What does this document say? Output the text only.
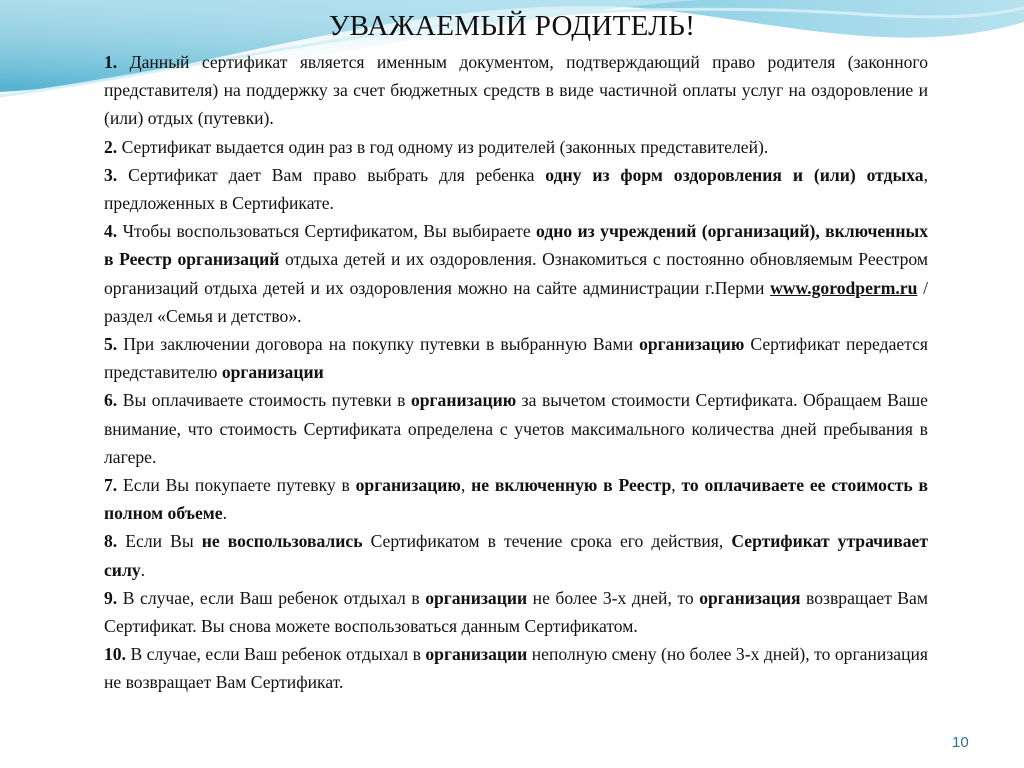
УВАЖАЕМЫЙ РОДИТЕЛЬ!

1. Данный сертификат является именным документом, подтверждающий право родителя (законного представителя) на поддержку за счет бюджетных средств в виде частичной оплаты услуг на оздоровление и (или) отдых (путевки).

2. Сертификат выдается один раз в год одному из родителей (законных представителей).

3. Сертификат дает Вам право выбрать для ребенка одну из форм оздоровления и (или) отдыха, предложенных в Сертификате.

4. Чтобы воспользоваться Сертификатом, Вы выбираете одно из учреждений (организаций), включенных в Реестр организаций отдыха детей и их оздоровления. Ознакомиться с постоянно обновляемым Реестром организаций отдыха детей и их оздоровления можно на сайте администрации г.Перми www.gorodperm.ru /раздел «Семья и детство».

5. При заключении договора на покупку путевки в выбранную Вами организацию Сертификат передается представителю организации

6. Вы оплачиваете стоимость путевки в организацию за вычетом стоимости Сертификата. Обращаем Ваше внимание, что стоимость Сертификата определена с учетов максимального количества дней пребывания в лагере.

7. Если Вы покупаете путевку в организацию, не включенную в Реестр, то оплачиваете ее стоимость в полном объеме.

8. Если Вы не воспользовались Сертификатом в течение срока его действия, Сертификат утрачивает силу.

9. В случае, если Ваш ребенок отдыхал в организации не более 3-х дней, то организация возвращает Вам Сертификат. Вы снова можете воспользоваться данным Сертификатом.

10. В случае, если Ваш ребенок отдыхал в организации неполную смену (но более 3-х дней), то организация не возвращает Вам Сертификат.

10
